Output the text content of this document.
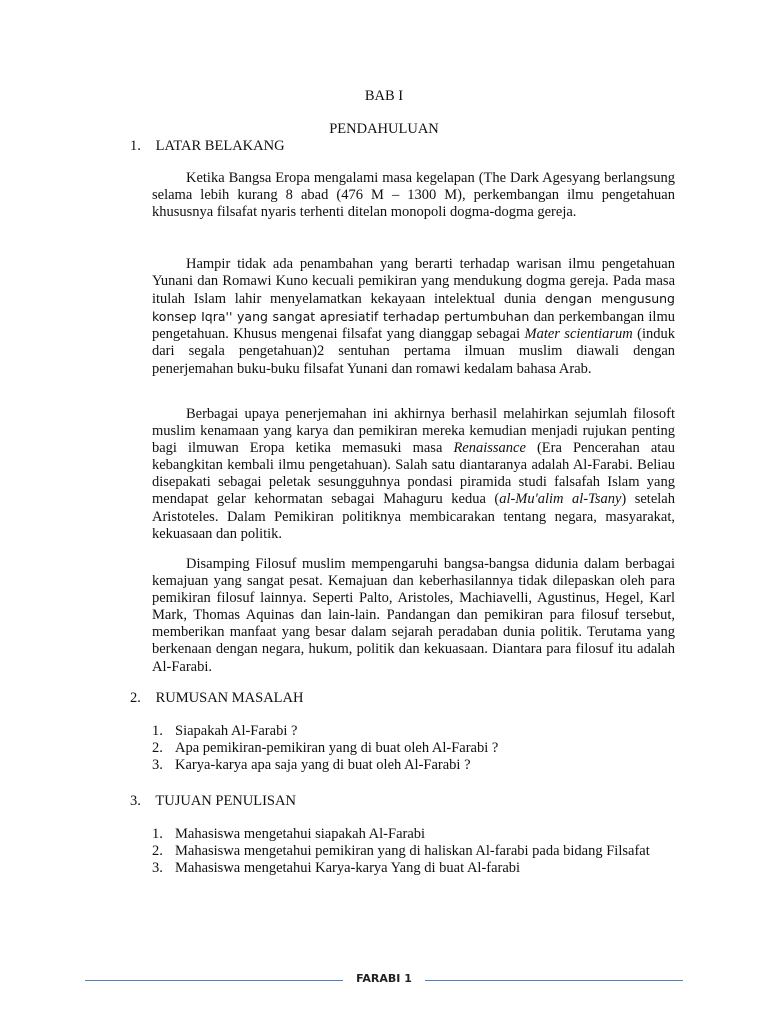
BAB I
PENDAHULUAN
1. LATAR BELAKANG

Ketika Bangsa Eropa mengalami masa kegelapan (The Dark Agesyang berlangsung selama lebih kurang 8 abad (476 M – 1300 M), perkembangan ilmu pengetahuan khususnya filsafat nyaris terhenti ditelan monopoli dogma-dogma gereja.

Hampir tidak ada penambahan yang berarti terhadap warisan ilmu pengetahuan Yunani dan Romawi Kuno kecuali pemikiran yang mendukung dogma gereja. Pada masa itulah Islam lahir menyelamatkan kekayaan intelektual dunia dengan mengusung konsep Iqra'' yang sangat apresiatif terhadap pertumbuhan dan perkembangan ilmu pengetahuan. Khusus mengenai filsafat yang dianggap sebagai Mater scientiarum (induk dari segala pengetahuan)2 sentuhan pertama ilmuan muslim diawali dengan penerjemahan buku-buku filsafat Yunani dan romawi kedalam bahasa Arab.

Berbagai upaya penerjemahan ini akhirnya berhasil melahirkan sejumlah filosoft muslim kenamaan yang karya dan pemikiran mereka kemudian menjadi rujukan penting bagi ilmuwan Eropa ketika memasuki masa Renaissance (Era Pencerahan atau kebangkitan kembali ilmu pengetahuan). Salah satu diantaranya adalah Al-Farabi. Beliau disepakati sebagai peletak sesungguhnya pondasi piramida studi falsafah Islam yang mendapat gelar kehormatan sebagai Mahaguru kedua (al-Mu'alim al-Tsany) setelah Aristoteles. Dalam Pemikiran politiknya membicarakan tentang negara, masyarakat, kekuasaan dan politik.

Disamping Filosuf muslim mempengaruhi bangsa-bangsa didunia dalam berbagai kemajuan yang sangat pesat. Kemajuan dan keberhasilannya tidak dilepaskan oleh para pemikiran filosuf lainnya. Seperti Palto, Aristoles, Machiavelli, Agustinus, Hegel, Karl Mark, Thomas Aquinas dan lain-lain. Pandangan dan pemikiran para filosuf tersebut, memberikan manfaat yang besar dalam sejarah peradaban dunia politik. Terutama yang berkenaan dengan negara, hukum, politik dan kekuasaan. Diantara para filosuf itu adalah Al-Farabi.

2. RUMUSAN MASALAH
1. Siapakah Al-Farabi ?
2. Apa pemikiran-pemikiran yang di buat oleh Al-Farabi ?
3. Karya-karya apa saja yang di buat oleh Al-Farabi ?
3. TUJUAN PENULISAN
1. Mahasiswa mengetahui siapakah Al-Farabi
2. Mahasiswa mengetahui pemikiran yang di haliskan Al-farabi pada bidang Filsafat
3. Mahasiswa mengetahui Karya-karya Yang di buat Al-farabi
FARABI 1
